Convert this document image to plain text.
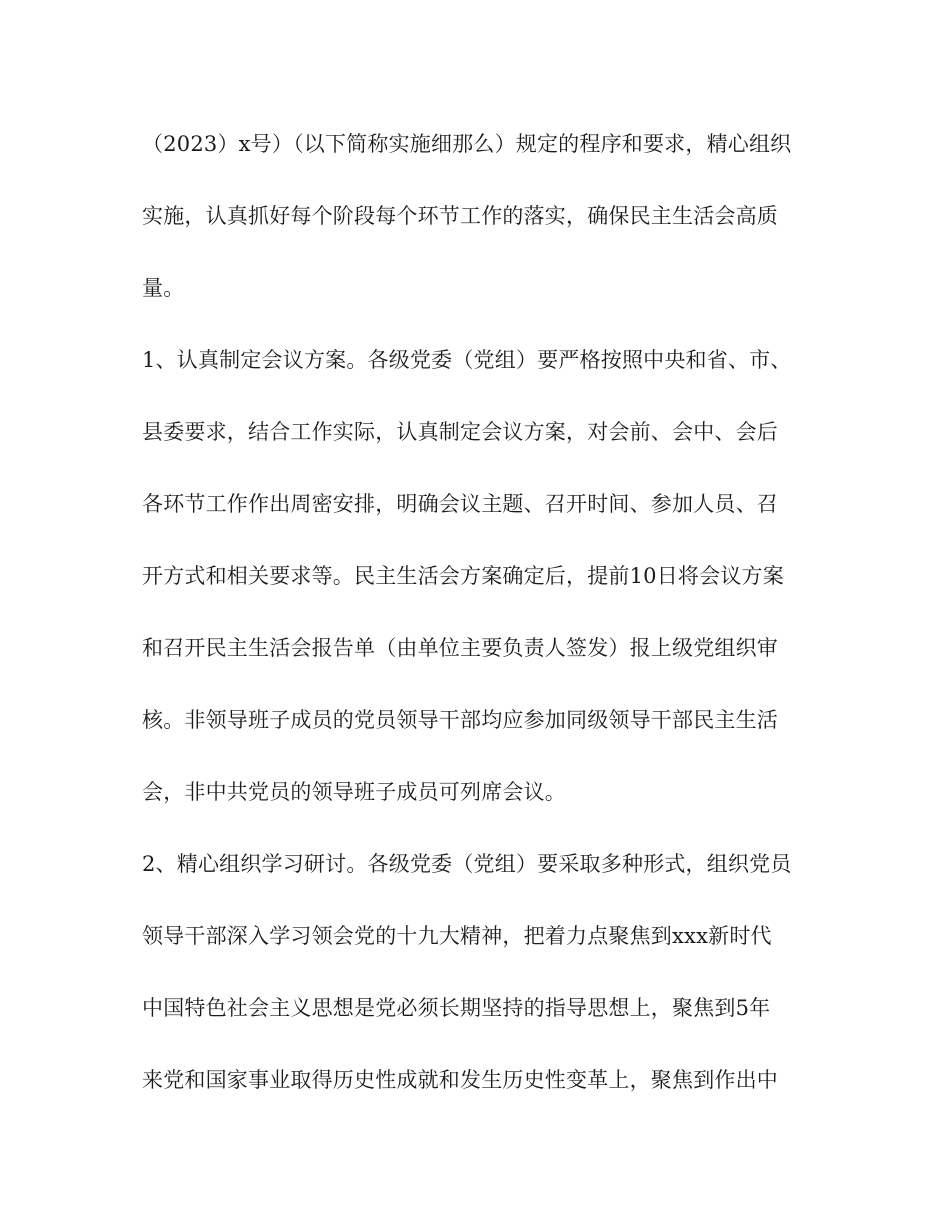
（2023）x号）（以下简称实施细那么）规定的程序和要求，精心组织
实施，认真抓好每个阶段每个环节工作的落实，确保民主生活会高质
量。
1、认真制定会议方案。各级党委（党组）要严格按照中央和省、市、
县委要求，结合工作实际，认真制定会议方案，对会前、会中、会后
各环节工作作出周密安排，明确会议主题、召开时间、参加人员、召
开方式和相关要求等。民主生活会方案确定后，提前10日将会议方案
和召开民主生活会报告单（由单位主要负责人签发）报上级党组织审
核。非领导班子成员的党员领导干部均应参加同级领导干部民主生活
会，非中共党员的领导班子成员可列席会议。
2、精心组织学习研讨。各级党委（党组）要采取多种形式，组织党员
领导干部深入学习领会党的十九大精神，把着力点聚焦到xxx新时代
中国特色社会主义思想是党必须长期坚持的指导思想上，聚焦到5年
来党和国家事业取得历史性成就和发生历史性变革上，聚焦到作出中
